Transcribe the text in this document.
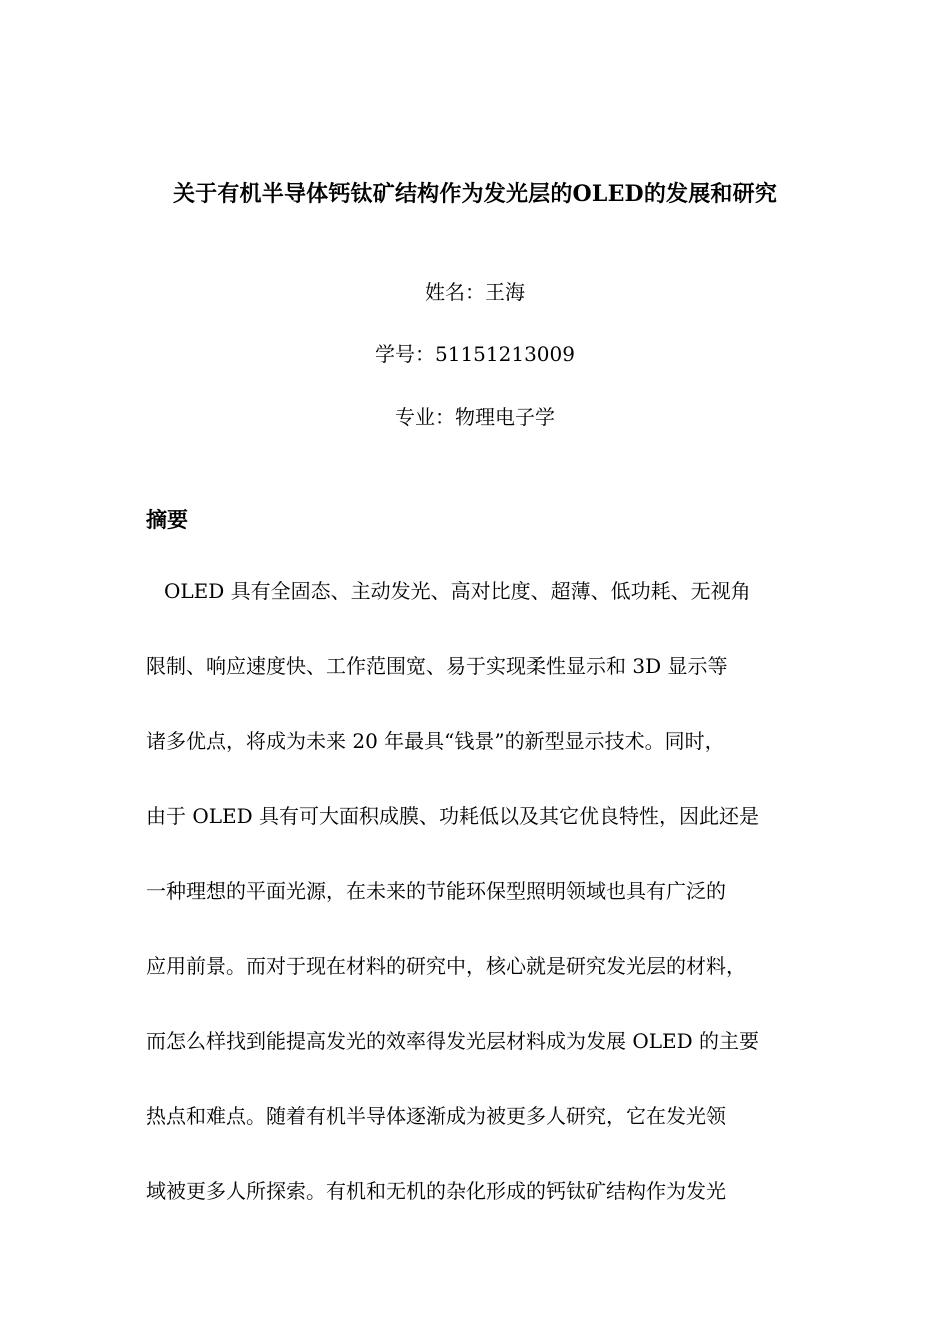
关于有机半导体钙钛矿结构作为发光层的OLED的发展和研究
姓名：王海
学号：51151213009
专业：物理电子学
摘要
OLED 具有全固态、主动发光、高对比度、超薄、低功耗、无视角
限制、响应速度快、工作范围宽、易于实现柔性显示和 3D 显示等
诸多优点，将成为未来 20 年最具“钱景”的新型显示技术。同时，
由于 OLED 具有可大面积成膜、功耗低以及其它优良特性，因此还是
一种理想的平面光源，在未来的节能环保型照明领域也具有广泛的
应用前景。而对于现在材料的研究中，核心就是研究发光层的材料，
而怎么样找到能提高发光的效率得发光层材料成为发展 OLED 的主要
热点和难点。随着有机半导体逐渐成为被更多人研究，它在发光领
域被更多人所探索。有机和无机的杂化形成的钙钛矿结构作为发光
